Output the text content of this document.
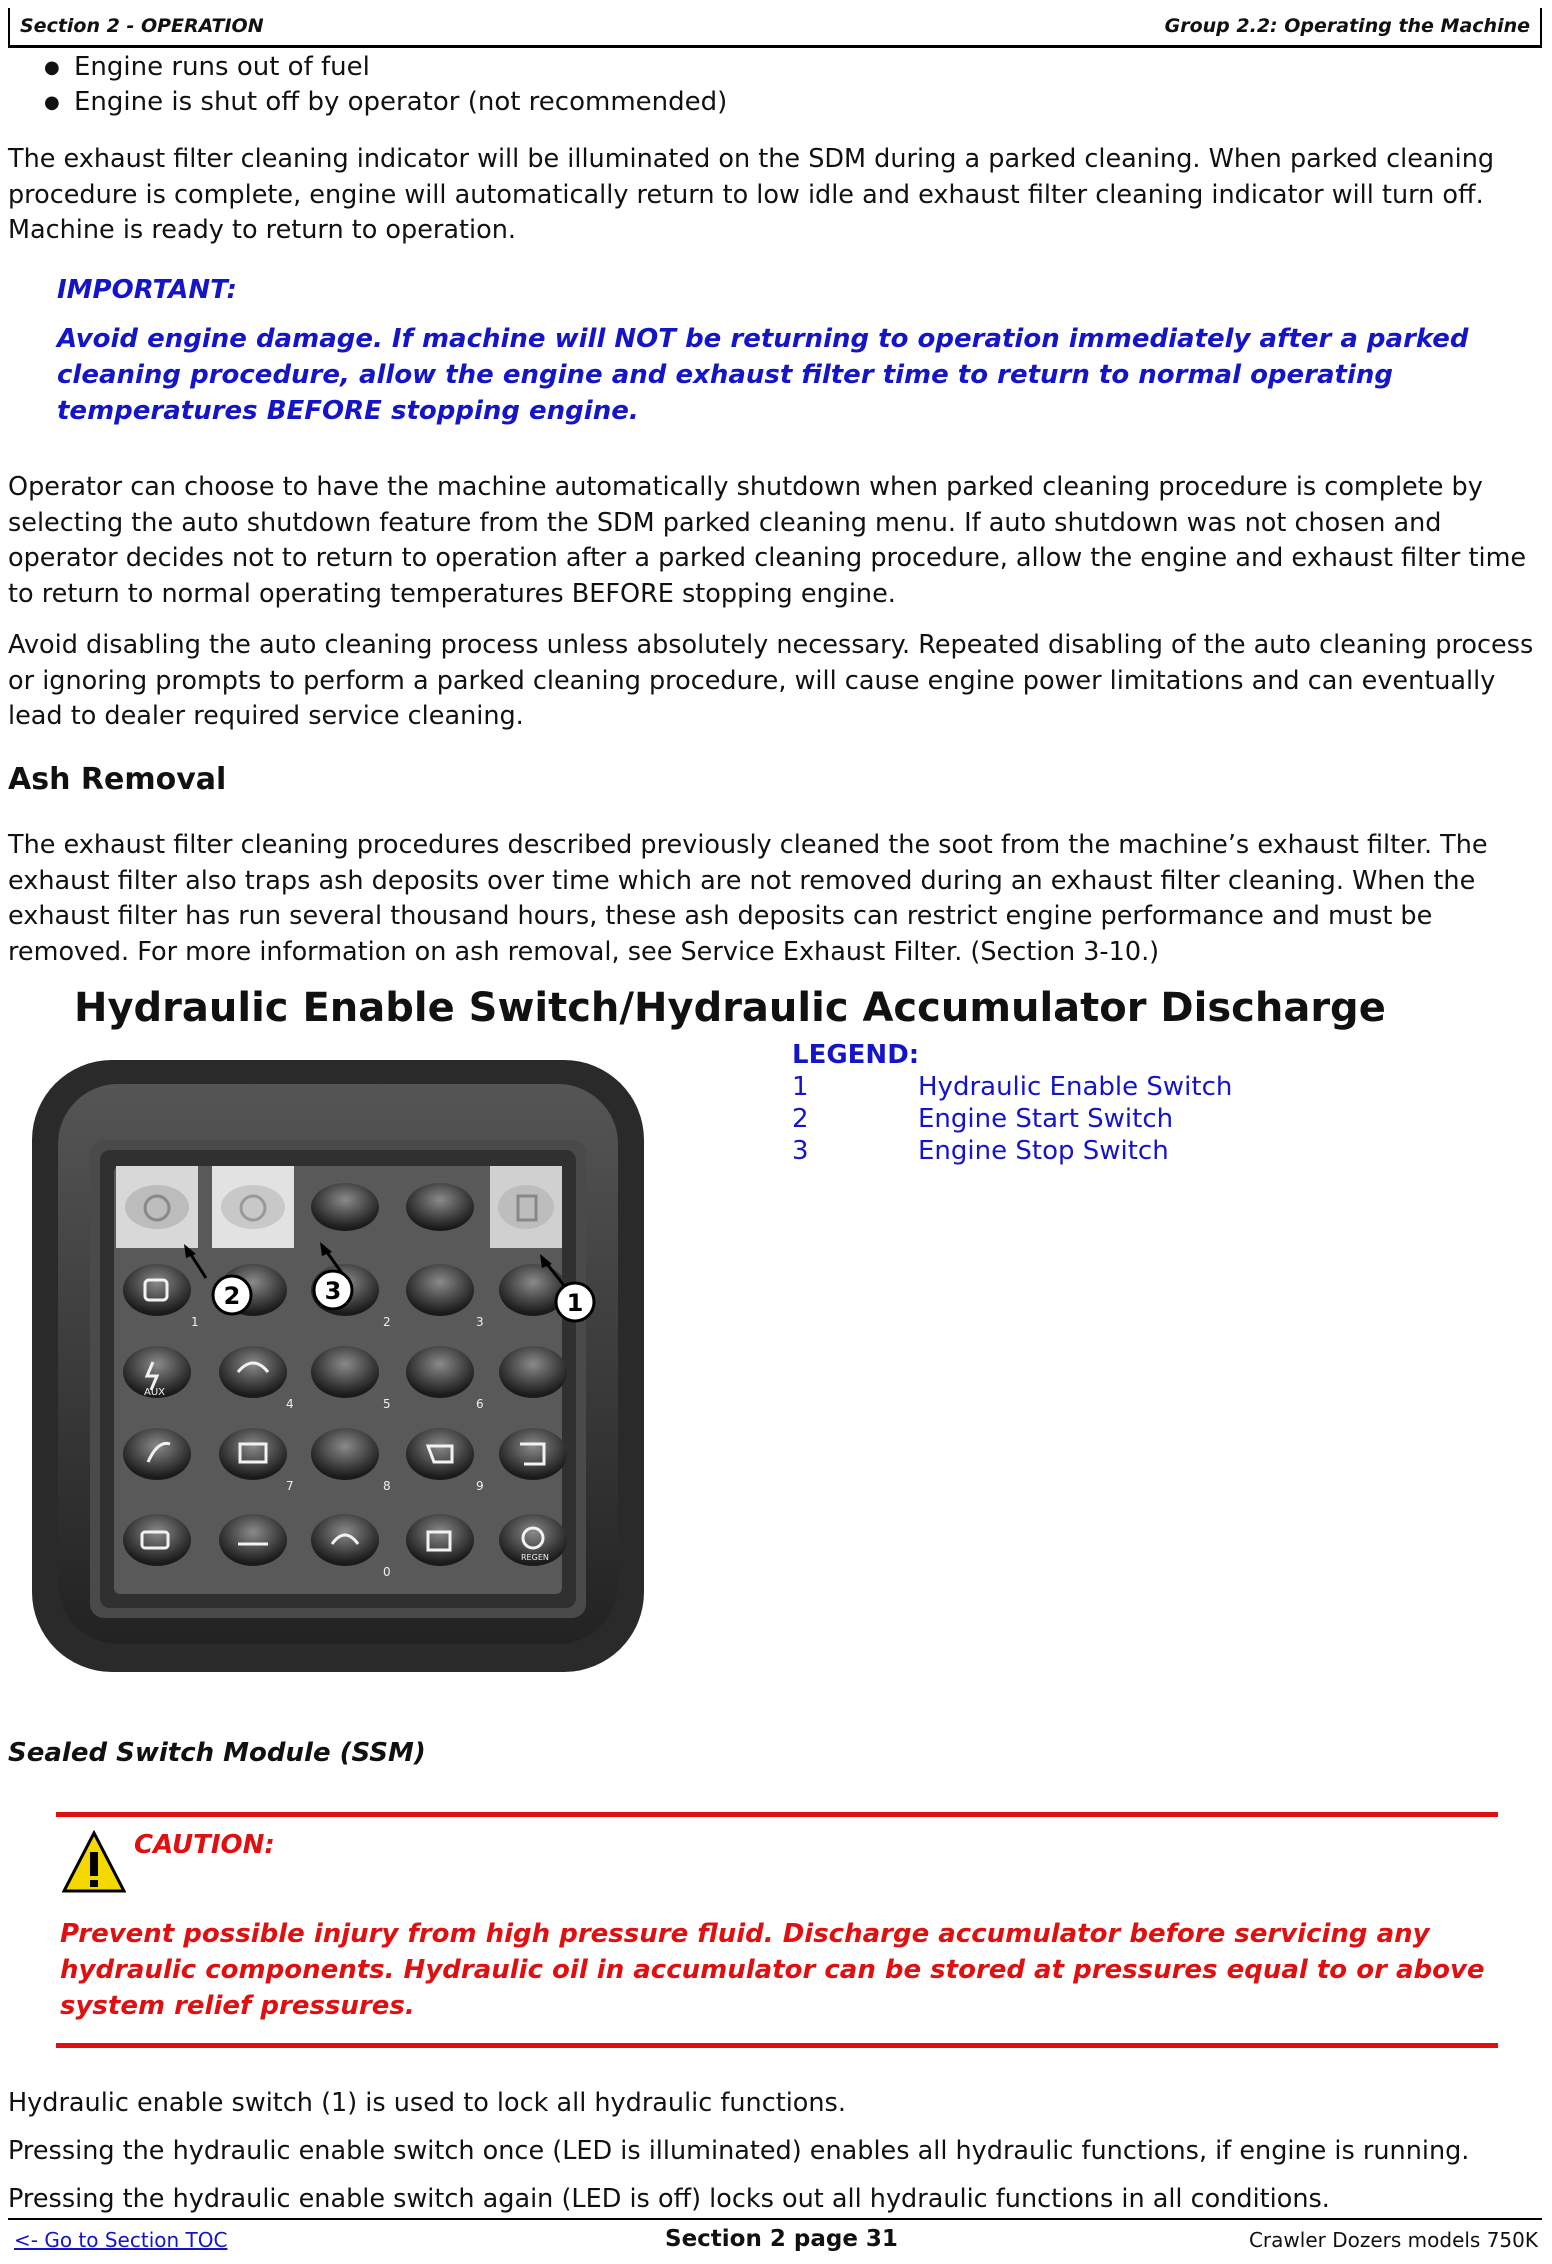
Section 2 - OPERATION	Group 2.2: Operating the Machine
● Engine runs out of fuel
● Engine is shut off by operator (not recommended)

The exhaust filter cleaning indicator will be illuminated on the SDM during a parked cleaning. When parked cleaning procedure is complete, engine will automatically return to low idle and exhaust filter cleaning indicator will turn off. Machine is ready to return to operation.

IMPORTANT:
Avoid engine damage. If machine will NOT be returning to operation immediately after a parked cleaning procedure, allow the engine and exhaust filter time to return to normal operating temperatures BEFORE stopping engine.

Operator can choose to have the machine automatically shutdown when parked cleaning procedure is complete by selecting the auto shutdown feature from the SDM parked cleaning menu. If auto shutdown was not chosen and operator decides not to return to operation after a parked cleaning procedure, allow the engine and exhaust filter time to return to normal operating temperatures BEFORE stopping engine.

Avoid disabling the auto cleaning process unless absolutely necessary. Repeated disabling of the auto cleaning process or ignoring prompts to perform a parked cleaning procedure, will cause engine power limitations and can eventually lead to dealer required service cleaning.

Ash Removal

The exhaust filter cleaning procedures described previously cleaned the soot from the machine’s exhaust filter. The exhaust filter also traps ash deposits over time which are not removed during an exhaust filter cleaning. When the exhaust filter has run several thousand hours, these ash deposits can restrict engine performance and must be removed. For more information on ash removal, see Service Exhaust Filter. (Section 3-10.)

Hydraulic Enable Switch/Hydraulic Accumulator Discharge
AUX
REGEN
1	2	3
4	5	6
7	8	9
0
2	3	1
LEGEND:
1	Hydraulic Enable Switch
2	Engine Start Switch
3	Engine Stop Switch
Sealed Switch Module (SSM)
CAUTION:
Prevent possible injury from high pressure fluid. Discharge accumulator before servicing any hydraulic components. Hydraulic oil in accumulator can be stored at pressures equal to or above system relief pressures.

Hydraulic enable switch (1) is used to lock all hydraulic functions.

Pressing the hydraulic enable switch once (LED is illuminated) enables all hydraulic functions, if engine is running.

Pressing the hydraulic enable switch again (LED is off) locks out all hydraulic functions in all conditions.

<- Go to Section TOC	Section 2 page 31	Crawler Dozers models 750K
